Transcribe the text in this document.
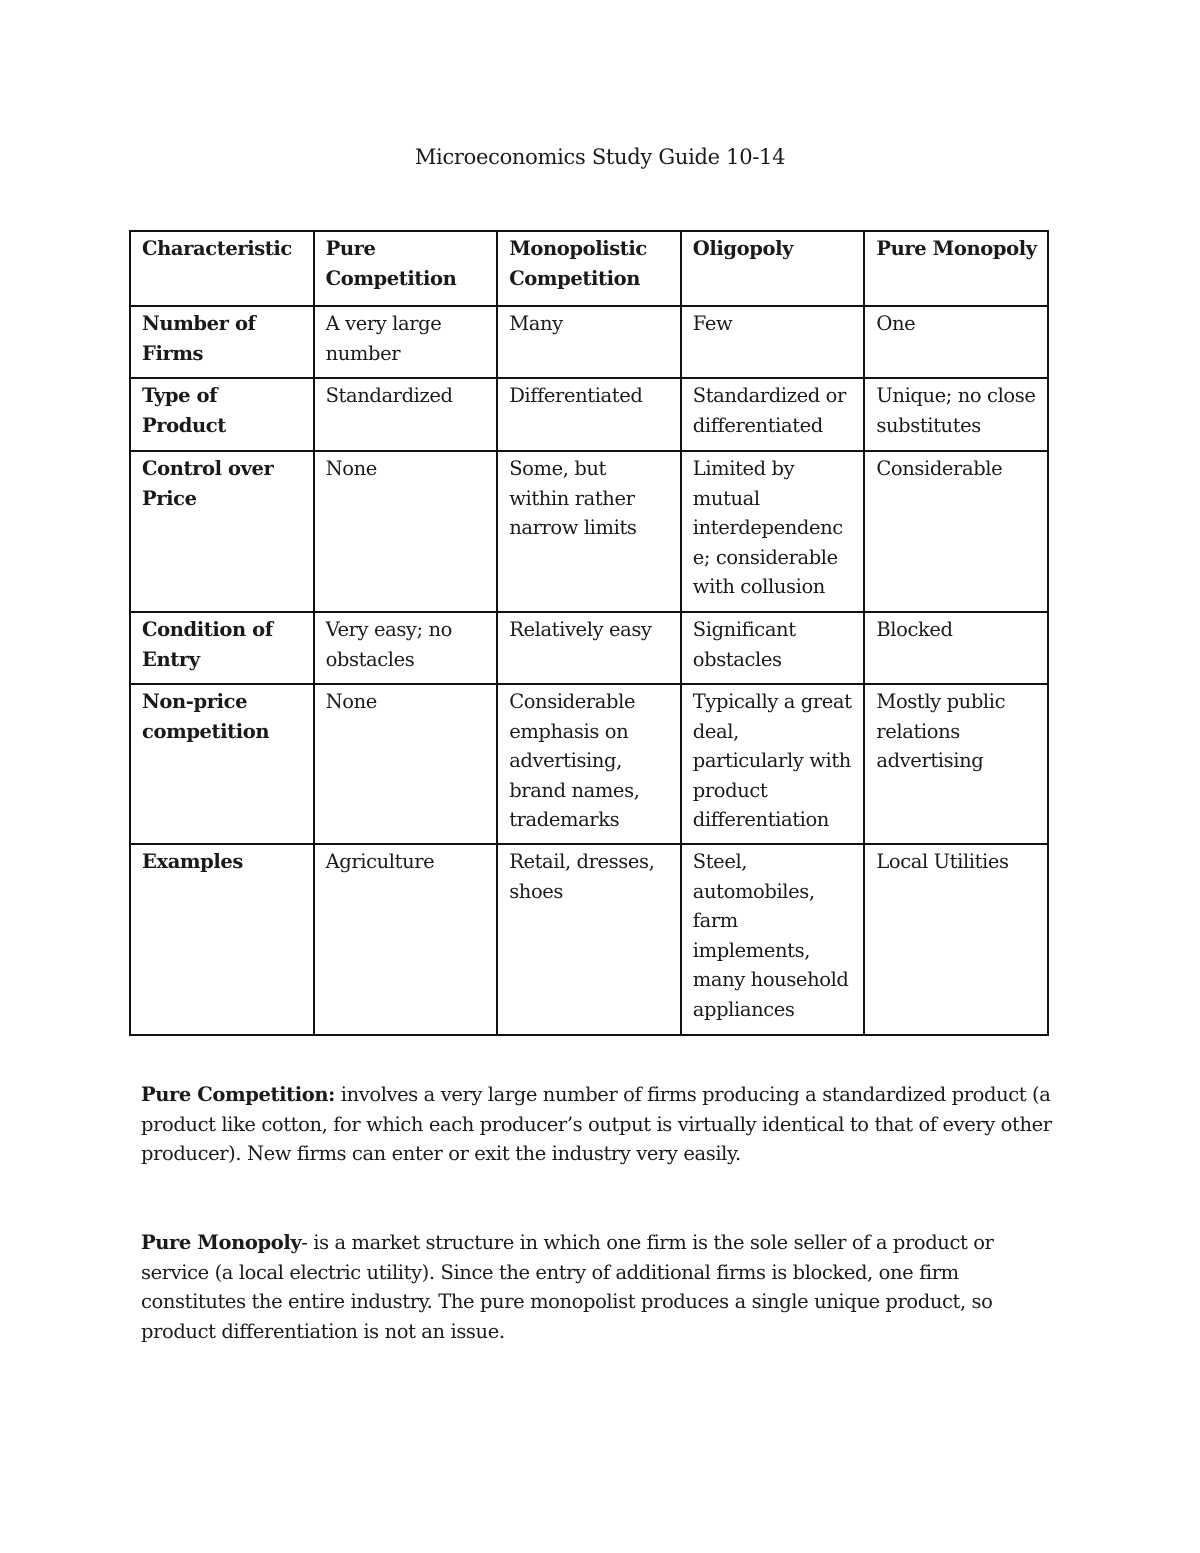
Microeconomics Study Guide 10-14
Characteristic	Pure Competition	Monopolistic Competition	Oligopoly	Pure Monopoly
Number of Firms	A very large number	Many	Few	One
Type of Product	Standardized	Differentiated	Standardized or differentiated	Unique; no close substitutes
Control over Price	None	Some, but within rather narrow limits	Limited by mutual interdependence; considerable with collusion	Considerable
Condition of Entry	Very easy; no obstacles	Relatively easy	Significant obstacles	Blocked
Non-price competition	None	Considerable emphasis on advertising, brand names, trademarks	Typically a great deal, particularly with product differentiation	Mostly public relations advertising
Examples	Agriculture	Retail, dresses, shoes	Steel, automobiles, farm implements, many household appliances	Local Utilities

Pure Competition: involves a very large number of firms producing a standardized product (a product like cotton, for which each producer’s output is virtually identical to that of every other producer). New firms can enter or exit the industry very easily.

Pure Monopoly- is a market structure in which one firm is the sole seller of a product or service (a local electric utility). Since the entry of additional firms is blocked, one firm constitutes the entire industry. The pure monopolist produces a single unique product, so product differentiation is not an issue.
